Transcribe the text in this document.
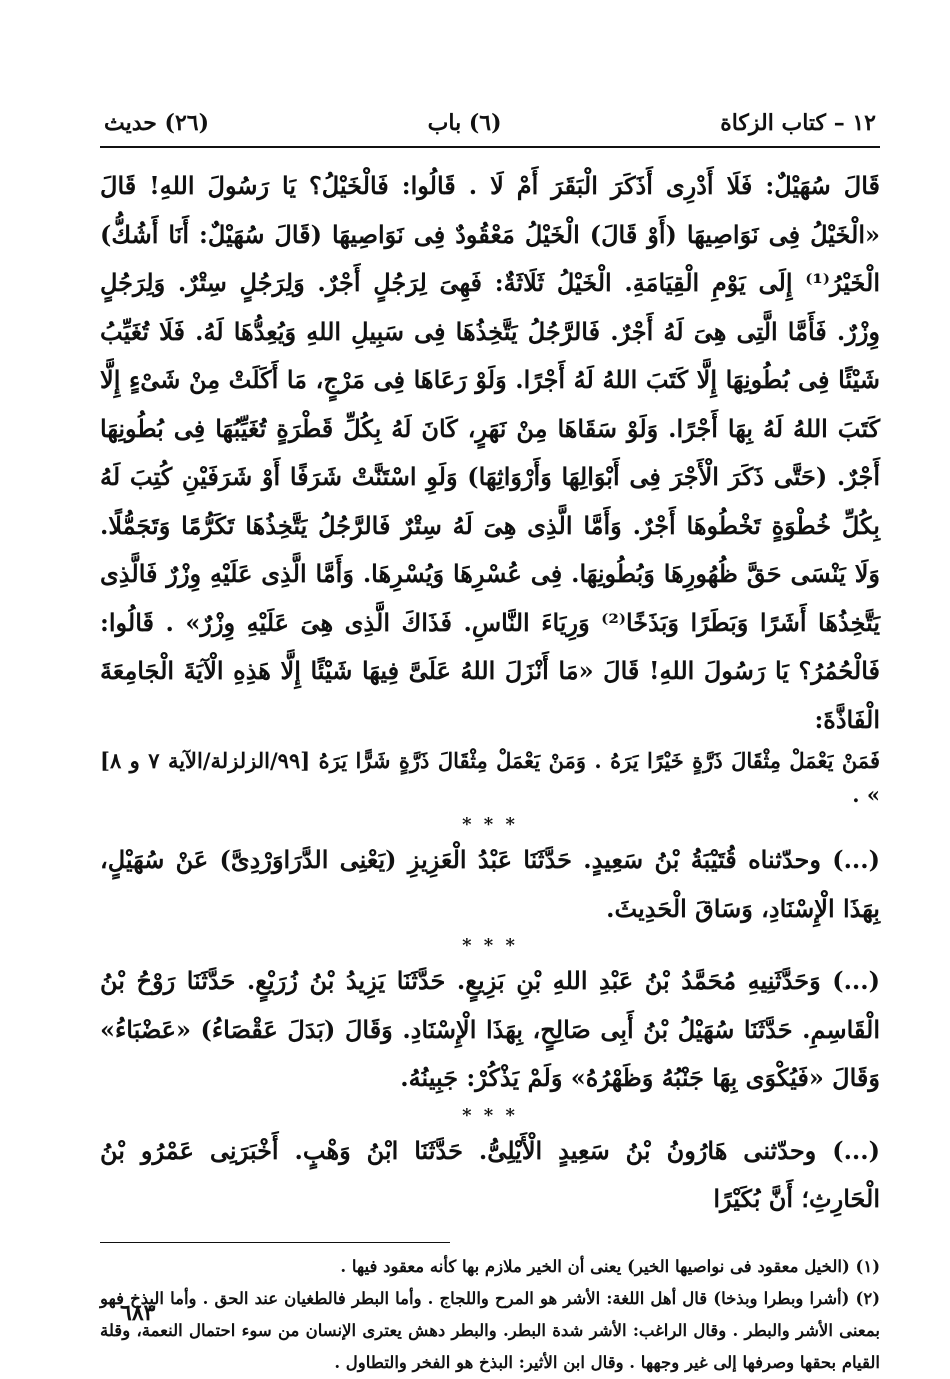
١٢ – كتاب الزكاة
(٦) باب
(٢٦) حديث

قَالَ سُهَيْلٌ: فَلَا أَدْرِى أَذَكَرَ الْبَقَرَ أَمْ لَا . قَالُوا: فَالْخَيْلُ؟ يَا رَسُولَ اللهِ! قَالَ «الْخَيْلُ فِى نَوَاصِيهَا (أَوْ قَالَ) الْخَيْلُ مَعْقُودٌ فِى نَوَاصِيهَا (قَالَ سُهَيْلٌ: أَنَا أَشُكُّ) الْخَيْرُ⁽¹⁾ إِلَى يَوْمِ الْقِيَامَةِ. الْخَيْلُ ثَلَاثَةٌ: فَهِىَ لِرَجُلٍ أَجْرٌ. وَلِرَجُلٍ سِتْرٌ. وَلِرَجُلٍ وِزْرٌ. فَأَمَّا الَّتِى هِىَ لَهُ أَجْرٌ. فَالرَّجُلُ يَتَّخِذُهَا فِى سَبِيلِ اللهِ وَيُعِدُّهَا لَهُ. فَلَا تُغَيِّبُ شَيْئًا فِى بُطُونِهَا إِلَّا كَتَبَ اللهُ لَهُ أَجْرًا. وَلَوْ رَعَاهَا فِى مَرْجٍ، مَا أَكَلَتْ مِنْ شَىْءٍ إِلَّا كَتَبَ اللهُ لَهُ بِهَا أَجْرًا. وَلَوْ سَقَاهَا مِنْ نَهَرٍ، كَانَ لَهُ بِكُلِّ قَطْرَةٍ تُغَيِّبُهَا فِى بُطُونِهَا أَجْرٌ. (حَتَّى ذَكَرَ الْأَجْرَ فِى أَبْوَالِهَا وَأَرْوَاثِهَا) وَلَوِ اسْتَنَّتْ شَرَفًا أَوْ شَرَفَيْنِ كُتِبَ لَهُ بِكُلِّ خُطْوَةٍ تَخْطُوهَا أَجْرٌ. وَأَمَّا الَّذِى هِىَ لَهُ سِتْرٌ فَالرَّجُلُ يَتَّخِذُهَا تَكَرُّمًا وَتَجَمُّلًا. وَلَا يَنْسَى حَقَّ ظُهُورِهَا وَبُطُونِهَا. فِى عُسْرِهَا وَيُسْرِهَا. وَأَمَّا الَّذِى عَلَيْهِ وِزْرٌ فَالَّذِى يَتَّخِذُهَا أَشَرًا وَبَطَرًا وَبَذَخًا⁽²⁾ وَرِيَاءَ النَّاسِ. فَذَاكَ الَّذِى هِىَ عَلَيْهِ وِزْرٌ» . قَالُوا: فَالْحُمُرُ؟ يَا رَسُولَ اللهِ! قَالَ «مَا أَنْزَلَ اللهُ عَلَىَّ فِيهَا شَيْئًا إِلَّا هَذِهِ الْآيَةَ الْجَامِعَةَ الْفَاذَّةَ:

فَمَنْ يَعْمَلْ مِثْقَالَ ذَرَّةٍ خَيْرًا يَرَهُ . وَمَنْ يَعْمَلْ مِثْقَالَ ذَرَّةٍ شَرًّا يَرَهُ [٩٩/الزلزلة/الآية ٧ و ٨] » .

* * *

(...) وحدّثناه قُتَيْبَةُ بْنُ سَعِيدٍ. حَدَّثَنَا عَبْدُ الْعَزِيزِ (يَعْنِى الدَّرَاوَرْدِىَّ) عَنْ سُهَيْلٍ، بِهَذَا الْإِسْنَادِ، وَسَاقَ الْحَدِيثَ.

* * *

(...) وَحَدَّثَنِيهِ مُحَمَّدُ بْنُ عَبْدِ اللهِ بْنِ بَزِيعٍ. حَدَّثَنَا يَزِيدُ بْنُ زُرَيْعٍ. حَدَّثَنَا رَوْحُ بْنُ الْقَاسِمِ. حَدَّثَنَا سُهَيْلُ بْنُ أَبِى صَالِحٍ، بِهَذَا الْإِسْنَادِ. وَقَالَ (بَدَلَ عَقْصَاءُ) «عَضْبَاءُ» وَقَالَ «فَيُكْوَى بِهَا جَنْبُهُ وَظَهْرُهُ» وَلَمْ يَذْكُرْ: جَبِينُهُ.

* * *

(...) وحدّثنى هَارُونُ بْنُ سَعِيدٍ الْأَيْلِىُّ. حَدَّثَنَا ابْنُ وَهْبٍ. أَخْبَرَنِى عَمْرُو بْنُ الْحَارِثِ؛ أَنَّ بُكَيْرًا

(١) (الخيل معقود فى نواصيها الخير) يعنى أن الخير ملازم بها كأنه معقود فيها .

(٢) (أشرا وبطرا وبذخا) قال أهل اللغة: الأشر هو المرح واللجاج . وأما البطر فالطغيان عند الحق . وأما البذخ فهو بمعنى الأشر والبطر . وقال الراغب: الأشر شدة البطر. والبطر دهش يعترى الإنسان من سوء احتمال النعمة، وقلة القيام بحقها وصرفها إلى غير وجهها . وقال ابن الأثير: البذخ هو الفخر والتطاول .

٦٨٣
